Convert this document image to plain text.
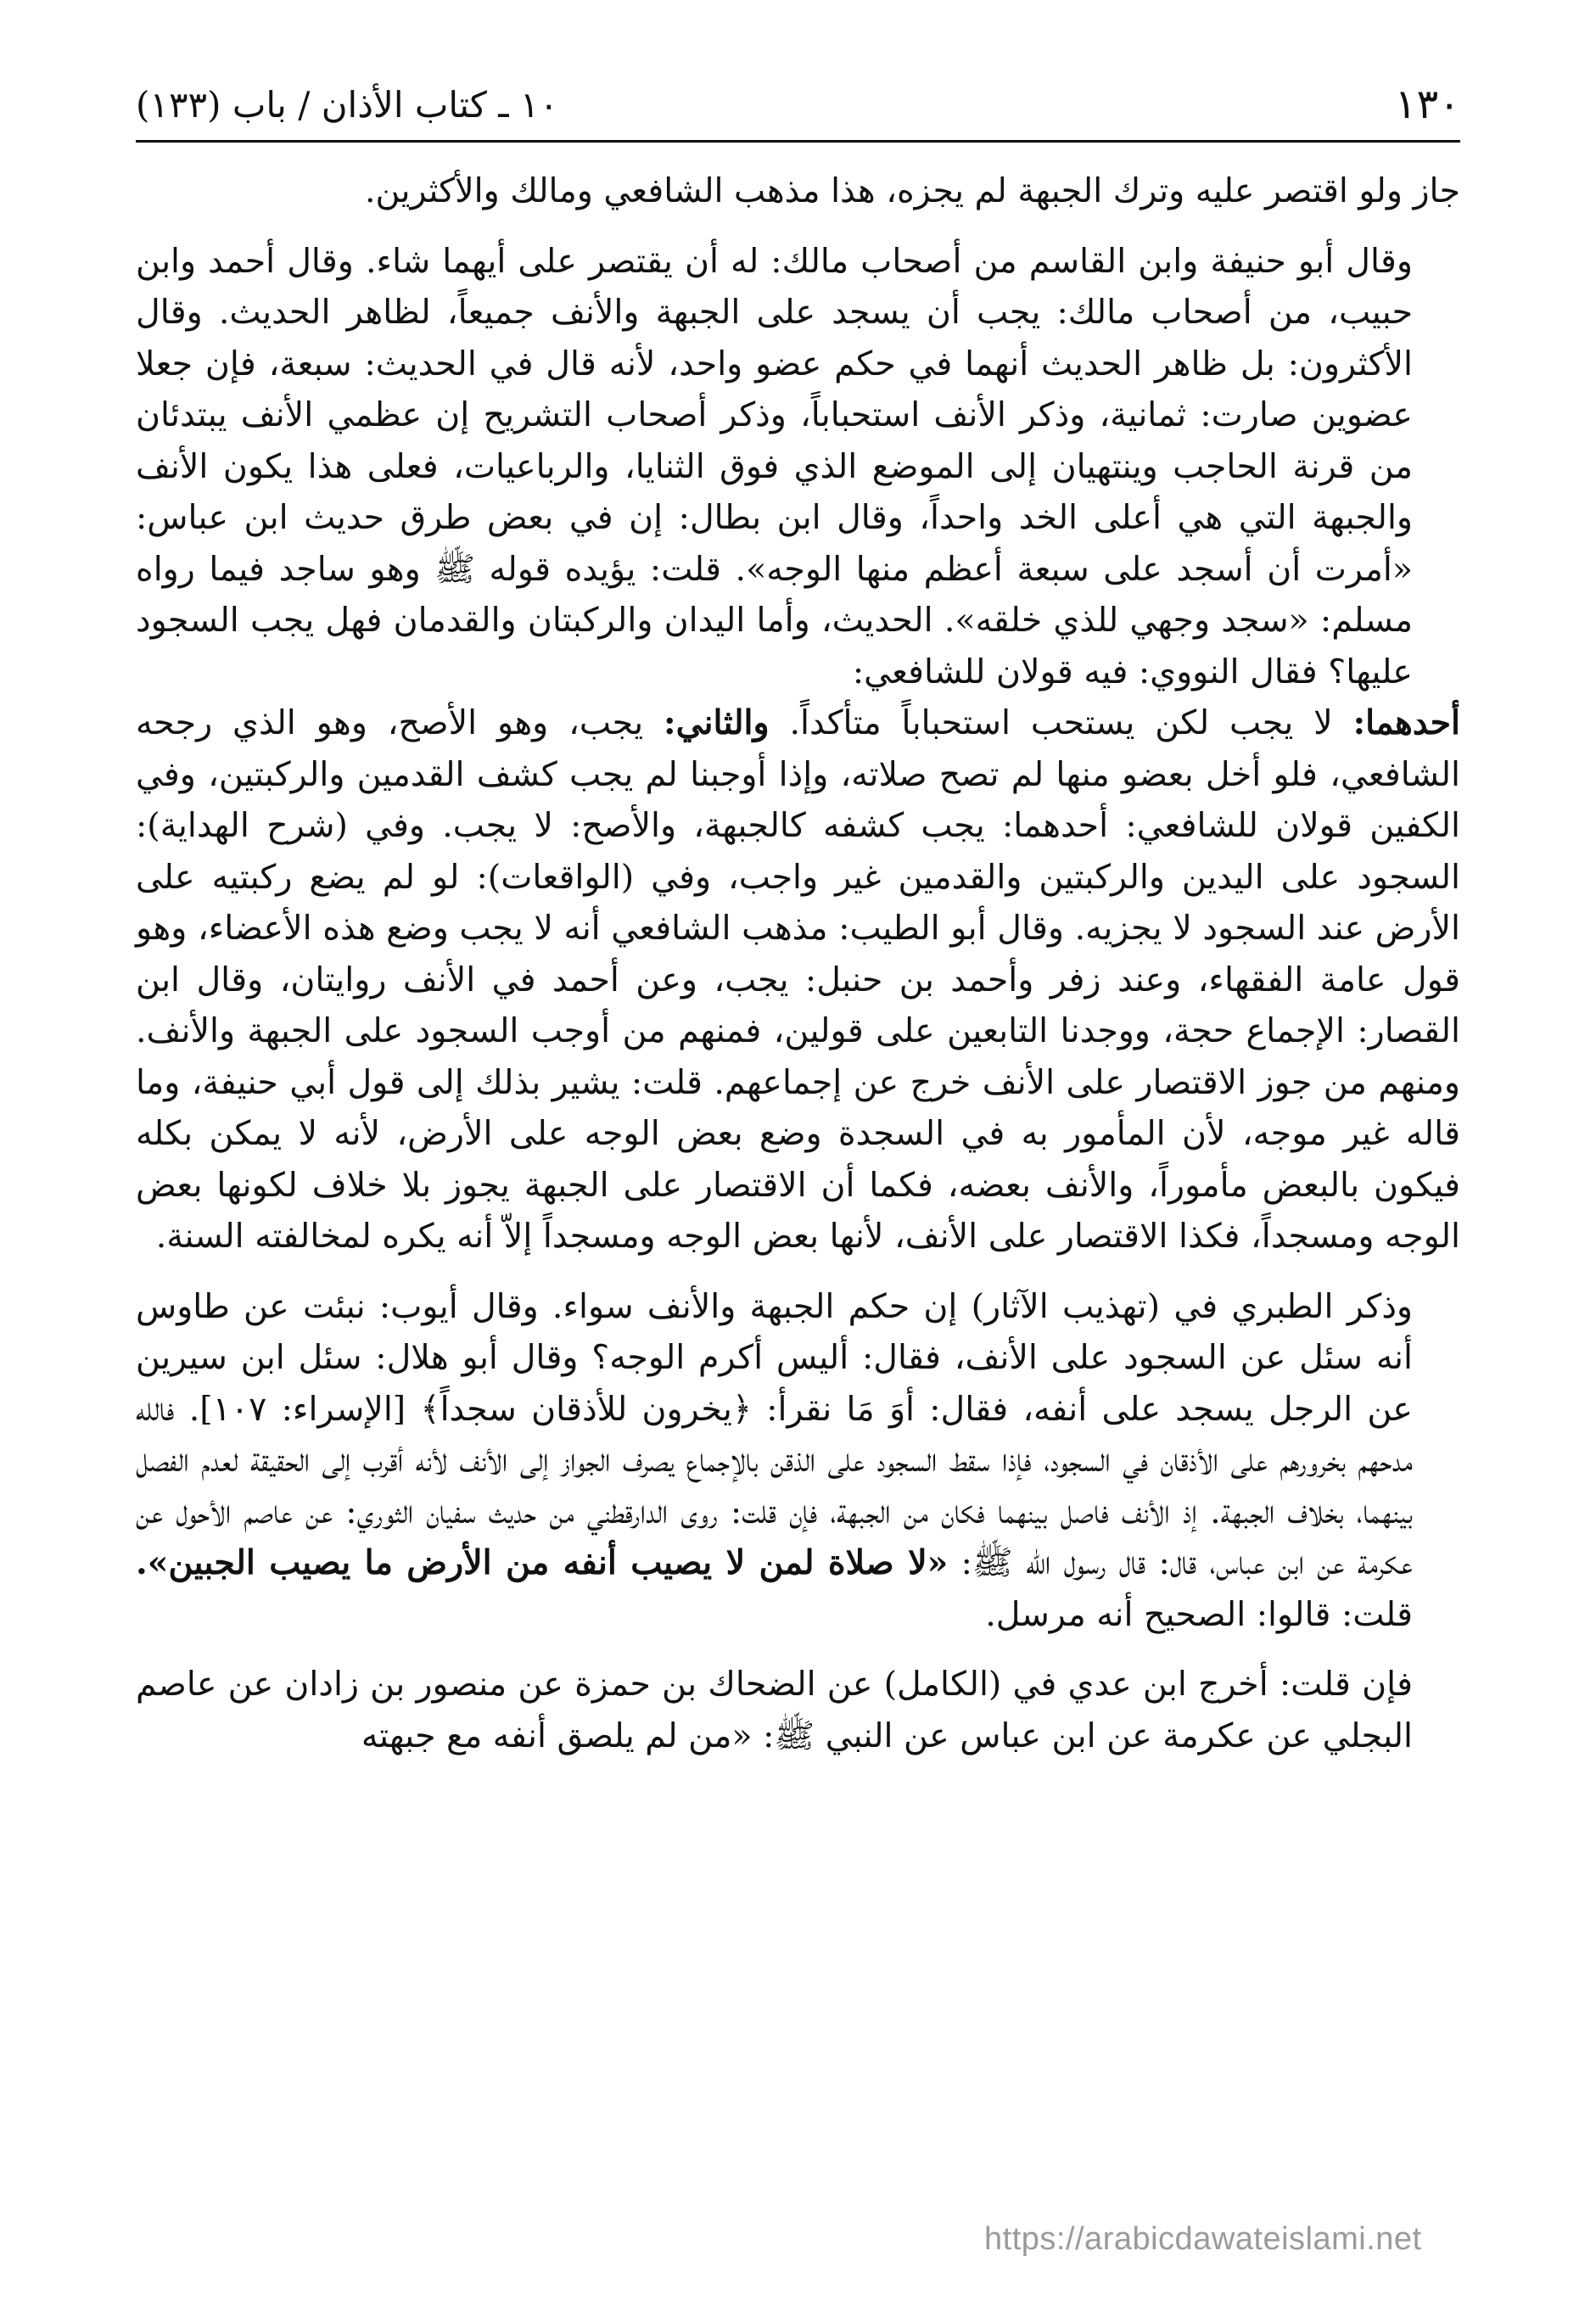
١٣٠
١٠ ـ كتاب الأذان / باب (١٣٣)

جاز ولو اقتصر عليه وترك الجبهة لم يجزه، هذا مذهب الشافعي ومالك والأكثرين.

وقال أبو حنيفة وابن القاسم من أصحاب مالك: له أن يقتصر على أيهما شاء. وقال أحمد وابن حبيب، من أصحاب مالك: يجب أن يسجد على الجبهة والأنف جميعاً، لظاهر الحديث. وقال الأكثرون: بل ظاهر الحديث أنهما في حكم عضو واحد، لأنه قال في الحديث: سبعة، فإن جعلا عضوين صارت: ثمانية، وذكر الأنف استحباباً، وذكر أصحاب التشريح إن عظمي الأنف يبتدئان من قرنة الحاجب وينتهيان إلى الموضع الذي فوق الثنايا، والرباعيات، فعلى هذا يكون الأنف والجبهة التي هي أعلى الخد واحداً، وقال ابن بطال: إن في بعض طرق حديث ابن عباس: «أمرت أن أسجد على سبعة أعظم منها الوجه». قلت: يؤيده قوله ﷺ وهو ساجد فيما رواه مسلم: «سجد وجهي للذي خلقه». الحديث، وأما اليدان والركبتان والقدمان فهل يجب السجود عليها؟ فقال النووي: فيه قولان للشافعي:

أحدهما: لا يجب لكن يستحب استحباباً متأكداً. والثاني: يجب، وهو الأصح، وهو الذي رجحه الشافعي، فلو أخل بعضو منها لم تصح صلاته، وإذا أوجبنا لم يجب كشف القدمين والركبتين، وفي الكفين قولان للشافعي: أحدهما: يجب كشفه كالجبهة، والأصح: لا يجب. وفي (شرح الهداية): السجود على اليدين والركبتين والقدمين غير واجب، وفي (الواقعات): لو لم يضع ركبتيه على الأرض عند السجود لا يجزيه. وقال أبو الطيب: مذهب الشافعي أنه لا يجب وضع هذه الأعضاء، وهو قول عامة الفقهاء، وعند زفر وأحمد بن حنبل: يجب، وعن أحمد في الأنف روايتان، وقال ابن القصار: الإجماع حجة، ووجدنا التابعين على قولين، فمنهم من أوجب السجود على الجبهة والأنف. ومنهم من جوز الاقتصار على الأنف خرج عن إجماعهم. قلت: يشير بذلك إلى قول أبي حنيفة، وما قاله غير موجه، لأن المأمور به في السجدة وضع بعض الوجه على الأرض، لأنه لا يمكن بكله فيكون بالبعض مأموراً، والأنف بعضه، فكما أن الاقتصار على الجبهة يجوز بلا خلاف لكونها بعض الوجه ومسجداً، فكذا الاقتصار على الأنف، لأنها بعض الوجه ومسجداً إلاّ أنه يكره لمخالفته السنة.

وذكر الطبري في (تهذيب الآثار) إن حكم الجبهة والأنف سواء. وقال أيوب: نبئت عن طاوس أنه سئل عن السجود على الأنف، فقال: أليس أكرم الوجه؟ وقال أبو هلال: سئل ابن سيرين عن الرجل يسجد على أنفه، فقال: أوَ مَا نقرأ: ﴿يخرون للأذقان سجداً﴾ [الإسراء: ١٠٧]. فالله مدحهم بخرورهم على الأذقان في السجود، فإذا سقط السجود على الذقن بالإجماع يصرف الجواز إلى الأنف لأنه أقرب إلى الحقيقة لعدم الفصل بينهما، بخلاف الجبهة. إذ الأنف فاصل بينهما فكان من الجبهة، فإن قلت: روى الدارقطني من حديث سفيان الثوري: عن عاصم الأحول عن عكرمة عن ابن عباس، قال: قال رسول الله ﷺ: «لا صلاة لمن لا يصيب أنفه من الأرض ما يصيب الجبين». قلت: قالوا: الصحيح أنه مرسل.

فإن قلت: أخرج ابن عدي في (الكامل) عن الضحاك بن حمزة عن منصور بن زادان عن عاصم البجلي عن عكرمة عن ابن عباس عن النبي ﷺ: «من لم يلصق أنفه مع جبهته

https://arabicdawateislami.net
